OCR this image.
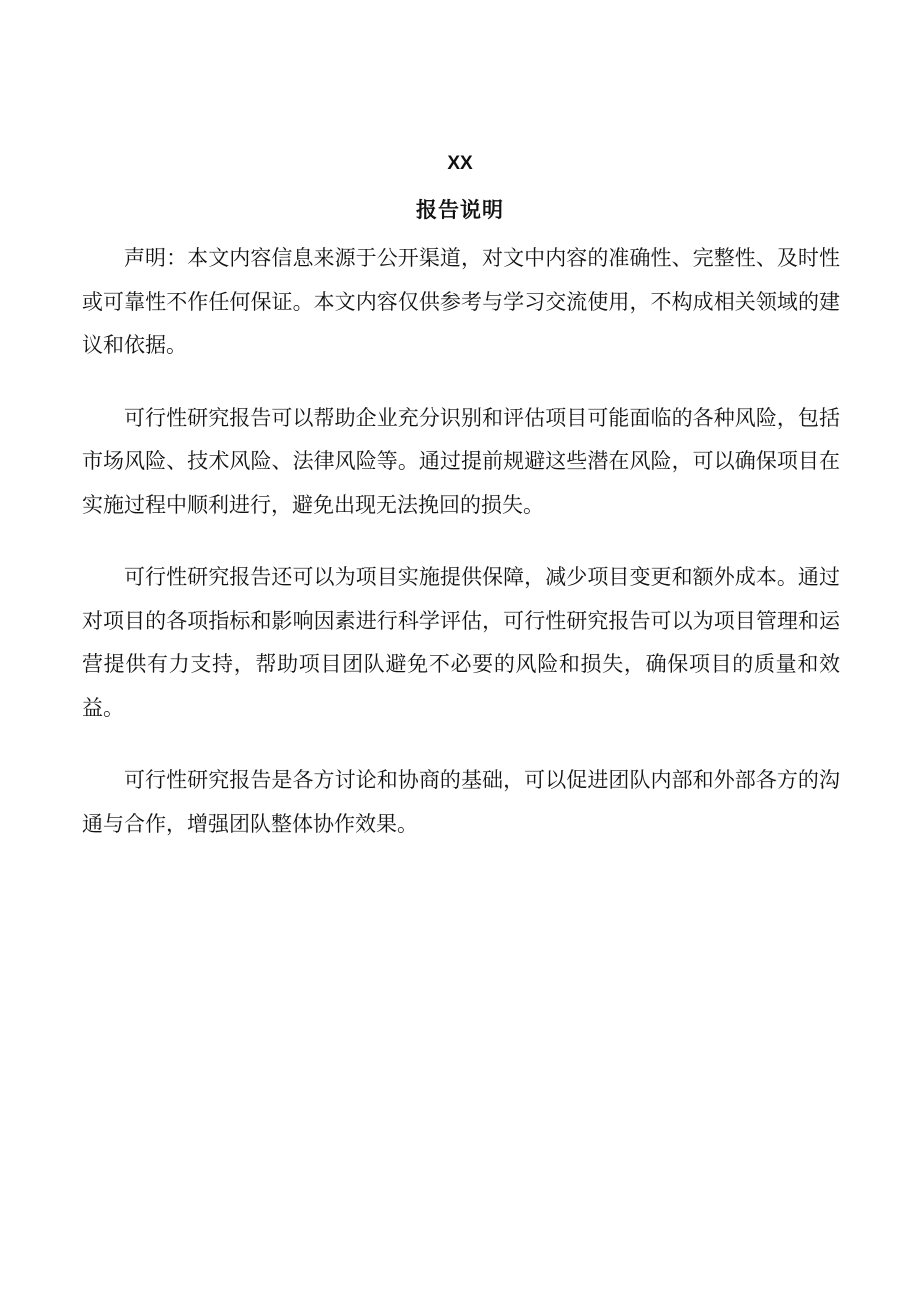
XX

报告说明

声明：本文内容信息来源于公开渠道，对文中内容的准确性、完整性、及时性或可靠性不作任何保证。本文内容仅供参考与学习交流使用，不构成相关领域的建议和依据。

可行性研究报告可以帮助企业充分识别和评估项目可能面临的各种风险，包括市场风险、技术风险、法律风险等。通过提前规避这些潜在风险，可以确保项目在实施过程中顺利进行，避免出现无法挽回的损失。

可行性研究报告还可以为项目实施提供保障，减少项目变更和额外成本。通过对项目的各项指标和影响因素进行科学评估，可行性研究报告可以为项目管理和运营提供有力支持，帮助项目团队避免不必要的风险和损失，确保项目的质量和效益。

可行性研究报告是各方讨论和协商的基础，可以促进团队内部和外部各方的沟通与合作，增强团队整体协作效果。
